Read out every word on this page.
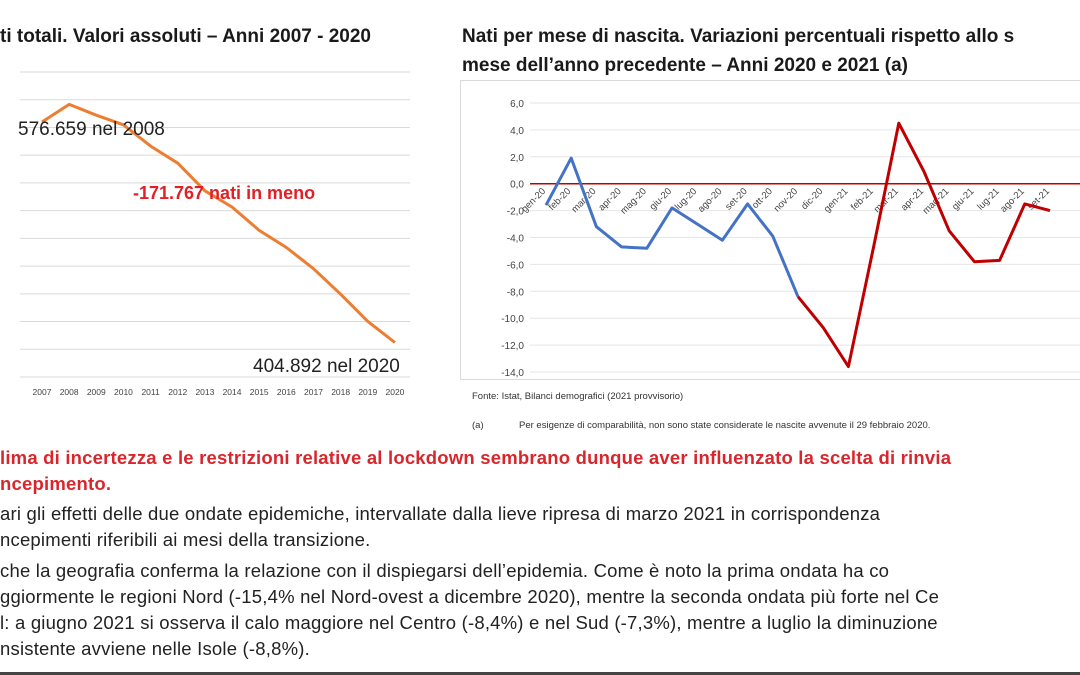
ti totali. Valori assoluti – Anni 2007 - 2020	Nati per mese di nascita. Variazioni percentuali rispetto allo s
mese dell’anno precedente – Anni 2020 e 2021 (a)
2007 2008 2009 2010 2011 2012 2013 2014 2015 2016 2017 2018 2019 2020
576.659 nel 2008
-171.767 nati in meno
404.892 nel 2020
6,0
4,0
2,0
0,0
-2,0
-4,0
-6,0
-8,0
-10,0
-12,0
-14,0
gen-20
feb-20
mar-20
apr-20
mag-20
giu-20
lug-20
ago-20
set-20 ott-20
nov-20 dic-20
gen-21
feb-21
mar-21
apr-21
mag-21
giu-21
lug-21
ago-21
set-21
Fonte: Istat, Bilanci demografici (2021 provvisorio)
(a)	Per esigenze di comparabilità, non sono state considerate le nascite avvenute il 29 febbraio 2020.
lima di incertezza e le restrizioni relative al lockdown sembrano dunque aver influenzato la scelta di rinvia
ncepimento.
ari gli effetti delle due ondate epidemiche, intervallate dalla lieve ripresa di marzo 2021 in corrispondenza
ncepimenti riferibili ai mesi della transizione.
che la geografia conferma la relazione con il dispiegarsi dell’epidemia. Come è noto la prima ondata ha co
ggiormente le regioni Nord (-15,4% nel Nord-ovest a dicembre 2020), mentre la seconda ondata più forte nel Ce
l: a giugno 2021 si osserva il calo maggiore nel Centro (-8,4%) e nel Sud (-7,3%), mentre a luglio la diminuzione
nsistente avviene nelle Isole (-8,8%).
